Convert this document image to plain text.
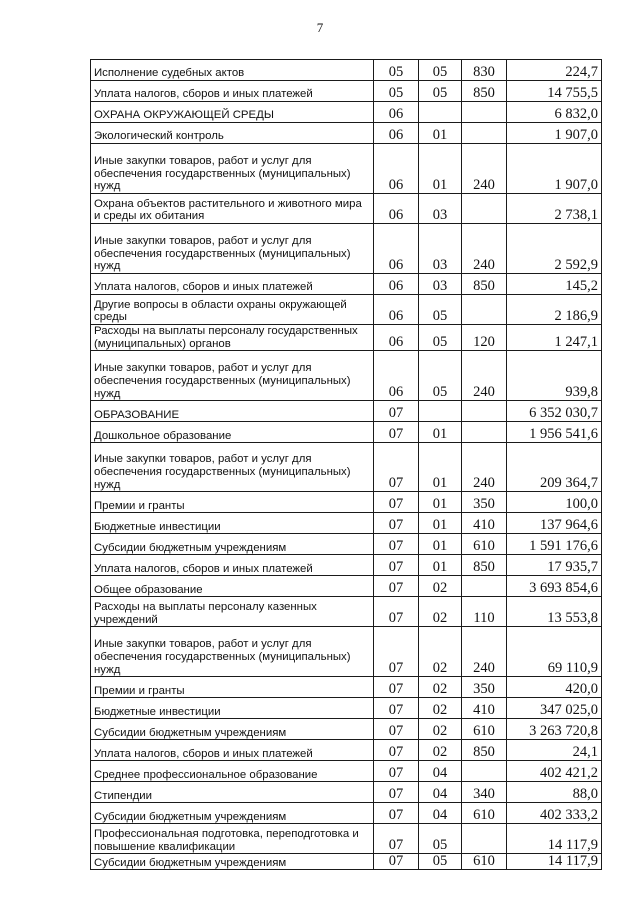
7
Исполнение судебных актов	05	05	830	224,7
Уплата налогов, сборов и иных платежей	05	05	850	14 755,5
ОХРАНА ОКРУЖАЮЩЕЙ СРЕДЫ	06			6 832,0
Экологический контроль	06	01		1 907,0
Иные закупки товаров, работ и услуг для обеспечения государственных (муниципальных) нужд	06	01	240	1 907,0
Охрана объектов растительного и животного мира и среды их обитания	06	03		2 738,1
Иные закупки товаров, работ и услуг для обеспечения государственных (муниципальных) нужд	06	03	240	2 592,9
Уплата налогов, сборов и иных платежей	06	03	850	145,2
Другие вопросы в области охраны окружающей среды	06	05		2 186,9
Расходы на выплаты персоналу государственных (муниципальных) органов	06	05	120	1 247,1
Иные закупки товаров, работ и услуг для обеспечения государственных (муниципальных) нужд	06	05	240	939,8
ОБРАЗОВАНИЕ	07			6 352 030,7
Дошкольное образование	07	01		1 956 541,6
Иные закупки товаров, работ и услуг для обеспечения государственных (муниципальных) нужд	07	01	240	209 364,7
Премии и гранты	07	01	350	100,0
Бюджетные инвестиции	07	01	410	137 964,6
Субсидии бюджетным учреждениям	07	01	610	1 591 176,6
Уплата налогов, сборов и иных платежей	07	01	850	17 935,7
Общее образование	07	02		3 693 854,6
Расходы на выплаты персоналу казенных учреждений	07	02	110	13 553,8
Иные закупки товаров, работ и услуг для обеспечения государственных (муниципальных) нужд	07	02	240	69 110,9
Премии и гранты	07	02	350	420,0
Бюджетные инвестиции	07	02	410	347 025,0
Субсидии бюджетным учреждениям	07	02	610	3 263 720,8
Уплата налогов, сборов и иных платежей	07	02	850	24,1
Среднее профессиональное образование	07	04		402 421,2
Стипендии	07	04	340	88,0
Субсидии бюджетным учреждениям	07	04	610	402 333,2
Профессиональная подготовка, переподготовка и повышение квалификации	07	05		14 117,9
Субсидии бюджетным учреждениям	07	05	610	14 117,9
